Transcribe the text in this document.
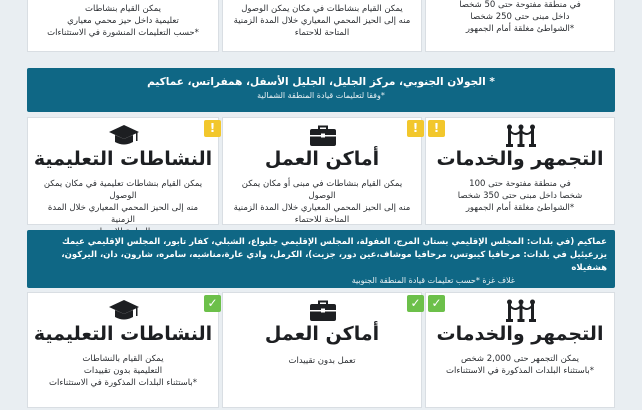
في منطقة مفتوحة حتى 50 شخصا
داخل مبنى حتى 250 شخصا
*الشواطئ مغلقة أمام الجمهور
يمكن القيام بنشاطات في مكان يمكن الوصول
منه إلى الحيز المحمي المعياري خلال المدة الزمنية
المتاحة للاحتماء
يمكن القيام بنشاطات
تعليمية داخل حيز محمي معياري
*حسب التعليمات المنشورة في الاستثناءات
* الجولان الجنوبي، مركز الجليل، الجليل الأسفل، همفراتس، عماكيم
*وفقا لتعليمات قيادة المنطقة الشمالية
!
التجمهر والخدمات
في منطقة مفتوحة حتى 100
شخصا داخل مبنى حتى 350 شخصا
*الشواطئ مغلقة أمام الجمهور
!
أماكن العمل
يمكن القيام بنشاطات في مبنى أو مكان يمكن الوصول
منه إلى الحيز المحمي المعياري خلال المدة الزمنية
المتاحة للاحتماء
!
النشاطات التعليمية
يمكن القيام بنشاطات تعليمية في مكان يمكن الوصول
منه إلى الحيز المحمي المعياري خلال المدة الزمنية

عماكيم (في بلدات: المجلس الإقليمي بستان المرج، العفولة، المجلس الإقليمي جلبواع، الشبلي، كفار تابور، المجلس الإقليمي عيمك يزرعيئيل في بلدات: مرحافيا كيبوتس، مرحافيا موشاف،عين دور، جزيت)، الكرمل، وادي عارة،مناشيه، سامره، شارون، دان، اليركون، هشفيلاه
غلاف غزة *حسب تعليمات قيادة المنطقة الجنوبية
✓
التجمهر والخدمات
يمكن التجمهر حتى 2,000 شخص
*باستثناء البلدات المذكورة في الاستثناءات
✓
أماكن العمل
تعمل بدون تقييدات
✓
النشاطات التعليمية
يمكن القيام بالنشاطات
التعليمية بدون تقييدات
*باستثناء البلدات المذكورة في الاستثناءات
